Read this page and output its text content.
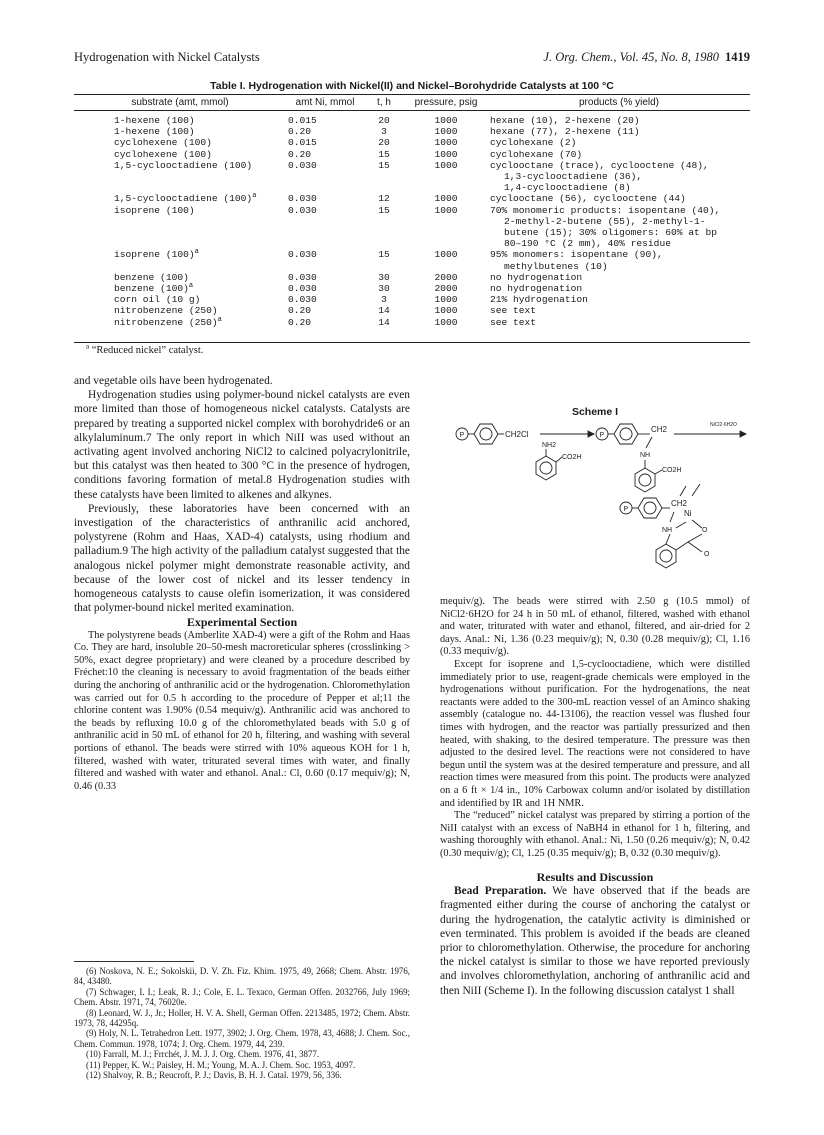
Hydrogenation with Nickel Catalysts	J. Org. Chem., Vol. 45, No. 8, 1980 1419
Table I. Hydrogenation with Nickel(II) and Nickel–Borohydride Catalysts at 100 °C
substrate (amt, mmol)	amt Ni, mmol	t, h	pressure, psig	products (% yield)
1-hexene (100)	0.015	20	1000	hexane (10), 2-hexene (20)

1-hexene (100)	0.20	3	1000	hexane (77), 2-hexene (11)

cyclohexene (100)	0.015	20	1000	cyclohexane (2)

cyclohexene (100)	0.20	15	1000	cyclohexane (70)

1,5-cyclooctadiene (100)	0.030	15	1000	cyclooctane (trace), cyclooctene (48),
1,3-cyclooctadiene (36),
1,4-cyclooctadiene (8)

1,5-cyclooctadiene $(100)^a$	0.030	12	1000	cyclooctane (56), cyclooctene (44)

isoprene (100)	0.030	15	1000	70% monomeric products: isopentane (40),
2-methyl-2-butene (55), 2-methyl-1-
butene (15); 30% oligomers: 60% at bp
80–190 °C (2 mm), 40% residue

isoprene $(100)^a$	0.030	15	1000	95% monomers: isopentane (90),
methylbutenes (10)

benzene (100)	0.030	30	2000	no hydrogenation

benzene $(100)^a$	0.030	30	2000	no hydrogenation

corn oil (10 g)	0.030	3	1000	21% hydrogenation

nitrobenzene (250)	0.20	14	1000	see text

nitrobenzene $(250)^a$	0.20	14	1000	see text
$^a$ “Reduced nickel” catalyst.

and vegetable oils have been hydrogenated.

Hydrogenation studies using polymer-bound nickel catalysts are even more limited than those of homogeneous nickel catalysts. Catalysts are prepared by treating a supported nickel complex with borohydride6 or an alkylaluminum.7 The only report in which NiII was used without an activating agent involved anchoring NiCl2 to calcined polyacrylonitrile, but this catalyst was then heated to 300 °C in the presence of hydrogen, conditions favoring formation of metal.8 Hydrogenation studies with these catalysts have been limited to alkenes and alkynes.

Previously, these laboratories have been concerned with an investigation of the characteristics of anthranilic acid anchored, polystyrene (Rohm and Haas, XAD-4) catalysts, using rhodium and palladium.9 The high activity of the palladium catalyst suggested that the analogous nickel polymer might demonstrate reasonable activity, and because of the lower cost of nickel and its lesser tendency in homogeneous catalysts to cause olefin isomerization, it was considered that polymer-bound nickel merited examination.

Experimental Section

The polystyrene beads (Amberlite XAD-4) were a gift of the Rohm and Haas Co. They are hard, insoluble 20–50-mesh macroreticular spheres (crosslinking > 50%, exact degree proprietary) and were cleaned by a procedure described by Fréchet:10 the cleaning is necessary to avoid fragmentation of the beads either during the anchoring of anthranilic acid or the hydrogenation. Chloromethylation was carried out for 0.5 h according to the procedure of Pepper et al;11 the chlorine content was 1.90% (0.54 mequiv/g). Anthranilic acid was anchored to the beads by refluxing 10.0 g of the chloromethylated beads with 5.0 g of anthranilic acid in 50 mL of ethanol for 20 h, filtering, and washing with several portions of ethanol. The beads were stirred with 10% aqueous KOH for 1 h, filtered, washed with water, triturated several times with water, and finally filtered and washed with water and ethanol. Anal.: Cl, 0.60 (0.17 mequiv/g); N, 0.46 (0.33

(6) Noskova, N. E.; Sokolskii, D. V. Zh. Fiz. Khim. 1975, 49, 2668; Chem. Abstr. 1976, 84, 43480.
(7) Schwager, I. I.; Leak, R. J.; Cole, E. L. Texaco, German Offen. 2032766, July 1969; Chem. Abstr. 1971, 74, 76020e.
(8) Leonard, W. J., Jr.; Holler, H. V. A. Shell, German Offen. 2213485, 1972; Chem. Abstr. 1973, 78, 44295q.
(9) Holy, N. L. Tetrahedron Lett. 1977, 3902; J. Org. Chem. 1978, 43, 4688; J. Chem. Soc., Chem. Commun. 1978, 1074; J. Org. Chem. 1979, 44, 239.
(10) Farrall, M. J.; Frrchét, J. M. J. J. Org. Chem. 1976, 41, 3877.
(11) Pepper, K. W.; Paisley, H. M.; Young, M. A. J. Chem. Soc. 1953, 4097.
(12) Shalvoy, R. B.; Reucroft, P. J.; Davis, B. H. J. Catal. 1979, 56, 336.
Scheme I
P	CH2Cl
NH2
CO2H
P
CH2
NH
CO2H
NiCl2·6H2O
P
CH2
Ni
NH	O
O

mequiv/g). The beads were stirred with 2.50 g (10.5 mmol) of NiCl2·6H2O for 24 h in 50 mL of ethanol, filtered, washed with ethanol and water, triturated with water and ethanol, filtered, and air-dried for 2 days. Anal.: Ni, 1.36 (0.23 mequiv/g); N, 0.30 (0.28 mequiv/g); Cl, 1.16 (0.33 mequiv/g).

Except for isoprene and 1,5-cyclooctadiene, which were distilled immediately prior to use, reagent-grade chemicals were employed in the hydrogenations without purification. For the hydrogenations, the neat reactants were added to the 300-mL reaction vessel of an Aminco shaking assembly (catalogue no. 44-13106), the reaction vessel was flushed four times with hydrogen, and the reactor was partially pressurized and then heated, with shaking, to the desired temperature. The pressure was then adjusted to the desired level. The reactions were not considered to have begun until the system was at the desired temperature and pressure, and all reaction times were measured from this point. The products were analyzed on a 6 ft × 1/4 in., 10% Carbowax column and/or isolated by distillation and identified by IR and 1H NMR.

The “reduced” nickel catalyst was prepared by stirring a portion of the NiII catalyst with an excess of NaBH4 in ethanol for 1 h, filtering, and washing thoroughly with ethanol. Anal.: Ni, 1.50 (0.26 mequiv/g); N, 0.42 (0.30 mequiv/g); Cl, 1.25 (0.35 mequiv/g); B, 0.32 (0.30 mequiv/g).

Results and Discussion

Bead Preparation. We have observed that if the beads are fragmented either during the course of anchoring the catalyst or during the hydrogenation, the catalytic activity is diminished or even terminated. This problem is avoided if the beads are cleaned prior to chloromethylation. Otherwise, the procedure for anchoring the nickel catalyst is similar to those we have reported previously and involves chloromethylation, anchoring of anthranilic acid and then NiII (Scheme I). In the following discussion catalyst 1 shall
